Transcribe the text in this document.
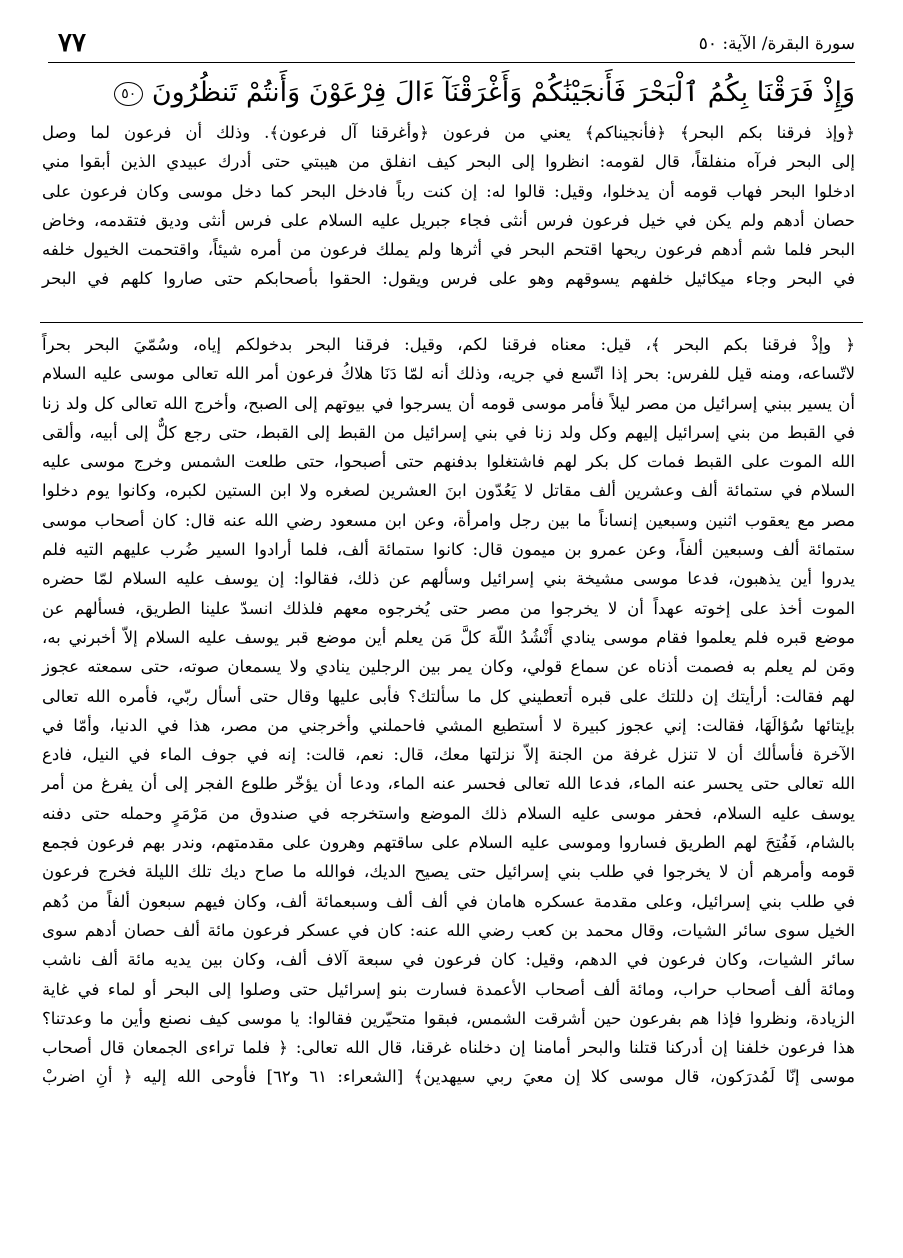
سورة البقرة/ الآية: ٥٠
٧٧
وَإِذْ فَرَقْنَا بِكُمُ ٱلْبَحْرَ فَأَنجَيْنَٰكُمْ وَأَغْرَقْنَآ ءَالَ فِرْعَوْنَ وَأَنتُمْ تَنظُرُونَ ٥٠
﴿وإذ فرقنا بكم البحر﴾ ﴿فأنجيناكم﴾ يعني من فرعون ﴿وأغرقنا آل فرعون﴾. وذلك أن فرعون لما وصل
إلى البحر فرآه منفلقاً، قال لقومه: انظروا إلى البحر كيف انفلق من هيبتي حتى أدرك عبيدي الذين أبقوا مني
ادخلوا البحر فهاب قومه أن يدخلوا، وقيل: قالوا له: إن كنت رباً فادخل البحر كما دخل موسى وكان فرعون على
حصان أدهم ولم يكن في خيل فرعون فرس أنثى فجاء جبريل عليه السلام على فرس أنثى وديق فتقدمه، وخاض
البحر فلما شم أدهم فرعون ريحها اقتحم البحر في أثرها ولم يملك فرعون من أمره شيئاً، واقتحمت الخيول خلفه
في البحر وجاء ميكائيل خلفهم يسوقهم وهو على فرس ويقول: الحقوا بأصحابكم حتى صاروا كلهم في البحر
﴿ وإذْ فرقنا بكم البحر ﴾، قيل: معناه فرقنا لكم، وقيل: فرقنا البحر بدخولكم إياه، وسُمّيَ البحر بحراً
لاتّساعه، ومنه قيل للفرس: بحر إذا اتّسع في جريه، وذلك أنه لمّا دَنَا هلاكُ فرعون أمر الله تعالى موسى عليه السلام
أن يسير ببني إسرائيل من مصر ليلاً فأمر موسى قومه أن يسرجوا في بيوتهم إلى الصبح، وأخرج الله تعالى كل ولد زنا
في القبط من بني إسرائيل إليهم وكل ولد زنا في بني إسرائيل من القبط إلى القبط، حتى رجع كلٌّ إلى أبيه، وألقى
الله الموت على القبط فمات كل بكر لهم فاشتغلوا بدفنهم حتى أصبحوا، حتى طلعت الشمس وخرج موسى عليه
السلام في ستمائة ألف وعشرين ألف مقاتل لا يَعُدّون ابنَ العشرين لصغره ولا ابن الستين لكبره، وكانوا يوم دخلوا
مصر مع يعقوب اثنين وسبعين إنساناً ما بين رجل وامرأة، وعن ابن مسعود رضي الله عنه قال: كان أصحاب موسى
ستمائة ألف وسبعين ألفاً، وعن عمرو بن ميمون قال: كانوا ستمائة ألف، فلما أرادوا السير ضُرب عليهم التيه فلم
يدروا أين يذهبون، فدعا موسى مشيخة بني إسرائيل وسألهم عن ذلك، فقالوا: إن يوسف عليه السلام لمّا حضره
الموت أخذ على إخوته عهداً أن لا يخرجوا من مصر حتى يُخرجوه معهم فلذلك انسدّ علينا الطريق، فسألهم عن
موضع قبره فلم يعلموا فقام موسى ينادي أَنْشُدُ اللّهَ كلَّ مَن يعلم أين موضع قبر يوسف عليه السلام إلاّ أخبرني به،
ومَن لم يعلم به فصمت أذناه عن سماع قولي، وكان يمر بين الرجلين ينادي ولا يسمعان صوته، حتى سمعته عجوز
لهم فقالت: أرأيتك إن دللتك على قبره أتعطيني كل ما سألتك؟ فأبى عليها وقال حتى أسأل ربّي، فأمره الله تعالى
بإيتائها سُؤالَهَا، فقالت: إني عجوز كبيرة لا أستطيع المشي فاحملني وأخرجني من مصر، هذا في الدنيا، وأمّا في
الآخرة فأسألك أن لا تنزل غرفة من الجنة إلاّ نزلتها معك، قال: نعم، قالت: إنه في جوف الماء في النيل، فادع
الله تعالى حتى يحسر عنه الماء، فدعا الله تعالى فحسر عنه الماء، ودعا أن يؤخّر طلوع الفجر إلى أن يفرغ من أمر
يوسف عليه السلام، فحفر موسى عليه السلام ذلك الموضع واستخرجه في صندوق من مَرْمَرٍ وحمله حتى دفنه
بالشام، فَفُتِحَ لهم الطريق فساروا وموسى عليه السلام على ساقتهم وهرون على مقدمتهم، وندر بهم فرعون فجمع
قومه وأمرهم أن لا يخرجوا في طلب بني إسرائيل حتى يصيح الديك، فوالله ما صاح ديك تلك الليلة فخرج فرعون
في طلب بني إسرائيل، وعلى مقدمة عسكره هامان في ألف ألف وسبعمائة ألف، وكان فيهم سبعون ألفاً من دُهم
الخيل سوى سائر الشيات، وقال محمد بن كعب رضي الله عنه: كان في عسكر فرعون مائة ألف حصان أدهم سوى
سائر الشيات، وكان فرعون في الدهم، وقيل: كان فرعون في سبعة آلاف ألف، وكان بين يديه مائة ألف ناشب
ومائة ألف أصحاب حراب، ومائة ألف أصحاب الأعمدة فسارت بنو إسرائيل حتى وصلوا إلى البحر أو لماء في غاية
الزيادة، ونظروا فإذا هم بفرعون حين أشرقت الشمس، فبقوا متحيّرين فقالوا: يا موسى كيف نصنع وأين ما وعدتنا؟
هذا فرعون خلفنا إن أدركنا قتلنا والبحر أمامنا إن دخلناه غرقنا، قال الله تعالى: ﴿ فلما تراءى الجمعان قال أصحاب
موسى إنّا لَمُدرَكون، قال موسى كلا إن معيَ ربي سيهدين﴾ [الشعراء: ٦١ و٦٢] فأوحى الله إليه ﴿ أنِ اضربْ
